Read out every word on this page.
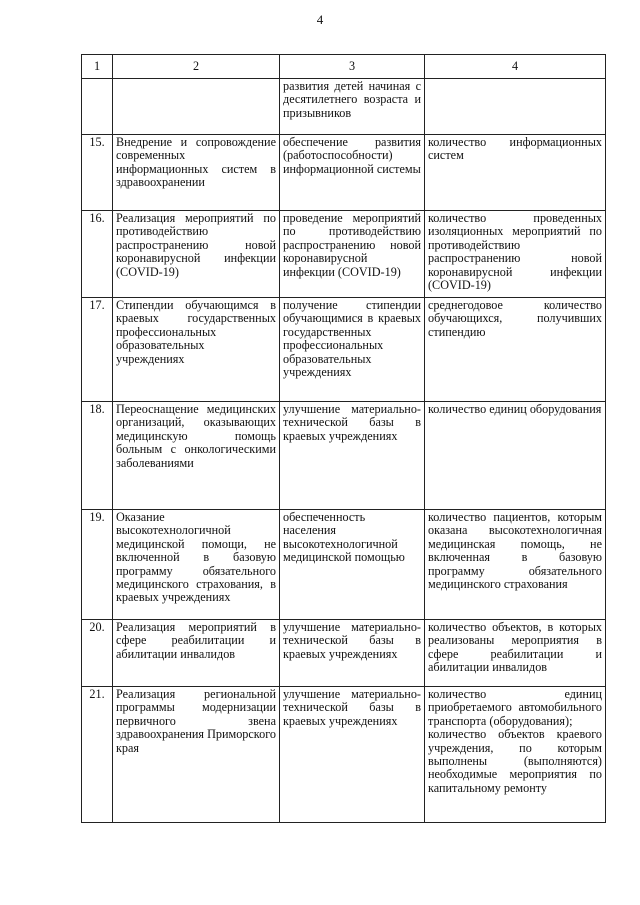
4
1	2	3	4
		развития детей начиная с десятилетнего возраста и призывников	
15.	Внедрение и сопровождение современных информационных систем в здравоохранении	обеспечение развития (работоспособности) информационной системы	количество информационных систем

16.	Реализация мероприятий по противодействию распространению новой коронавирусной инфекции (COVID-19)	проведение мероприятий по противодействию распространению новой коронавирусной инфекции (COVID-19)	количество проведенных изоляционных мероприятий по противодействию распространению новой коронавирусной инфекции (COVID-19)

17.	Стипендии обучающимся в краевых государственных профессиональных образовательных учреждениях	получение стипендии обучающимися в краевых государственных профессиональных образовательных учреждениях	среднегодовое количество обучающихся, получивших стипендию

18.	Переоснащение медицинских организаций, оказывающих медицинскую помощь больным с онкологическими заболеваниями	улучшение материально-технической базы в краевых учреждениях	количество единиц оборудования

19.	Оказание высокотехнологичной медицинской помощи, не включенной в базовую программу обязательного медицинского страхования, в краевых учреждениях	обеспеченность населения высокотехнологичной медицинской помощью	количество пациентов, которым оказана высокотехнологичная медицинская помощь, не включенная в базовую программу обязательного медицинского страхования

20.	Реализация мероприятий в сфере реабилитации и абилитации инвалидов	улучшение материально-технической базы в краевых учреждениях	количество объектов, в которых реализованы мероприятия в сфере реабилитации и абилитации инвалидов

21.	Реализация региональной программы модернизации первичного звена здравоохранения Приморского края	улучшение материально-технической базы в краевых учреждениях	количество единиц приобретаемого автомобильного транспорта (оборудования);
количество объектов краевого учреждения, по которым выполнены (выполняются) необходимые мероприятия по капитальному ремонту
